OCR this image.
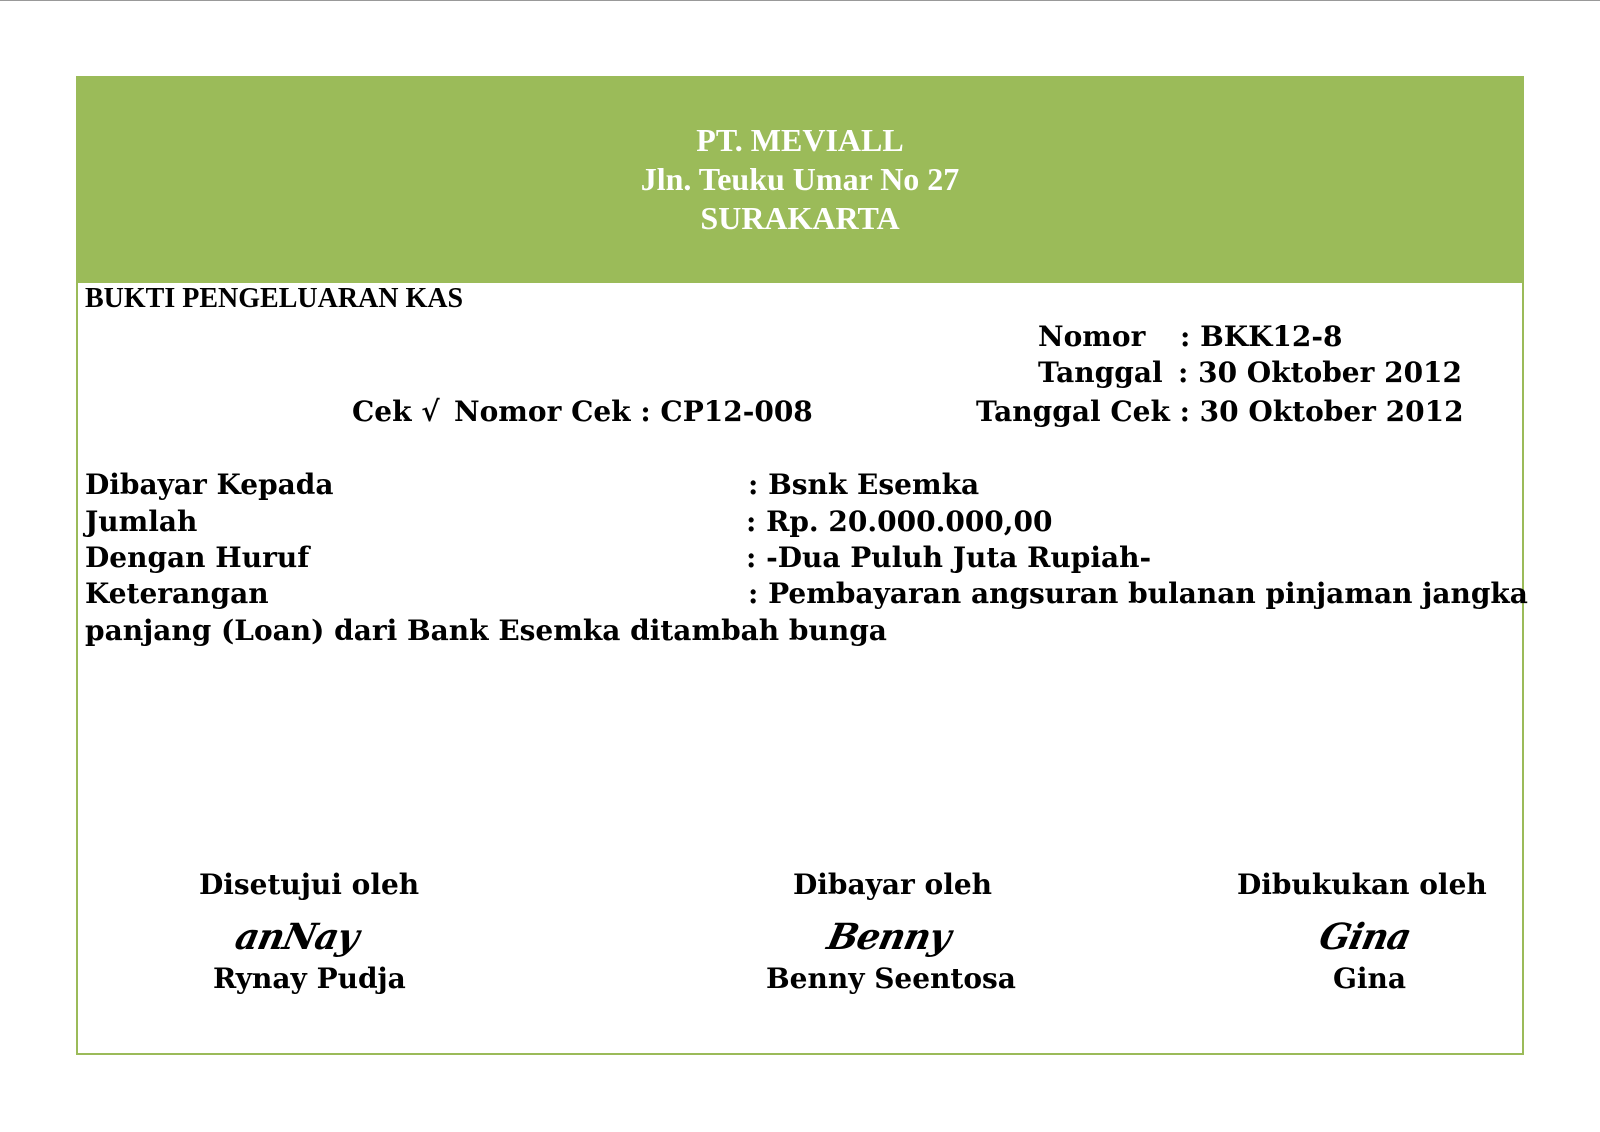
PT. MEVIALL
Jln. Teuku Umar No 27
SURAKARTA
BUKTI PENGELUARAN KAS
Nomor : BKK12-8
Tanggal : 30 Oktober 2012
Cek √ Nomor Cek : CP12-008	Tanggal Cek : 30 Oktober 2012
Dibayar Kepada	: Bsnk Esemka
Jumlah	: Rp. 20.000.000,00
Dengan Huruf	: -Dua Puluh Juta Rupiah-
Keterangan	: Pembayaran angsuran bulanan pinjaman jangka
panjang (Loan) dari Bank Esemka ditambah bunga
Disetujui oleh
anNay
Rynay Pudja
Dibayar oleh
Benny
Benny Seentosa
Dibukukan oleh
Gina
Gina
